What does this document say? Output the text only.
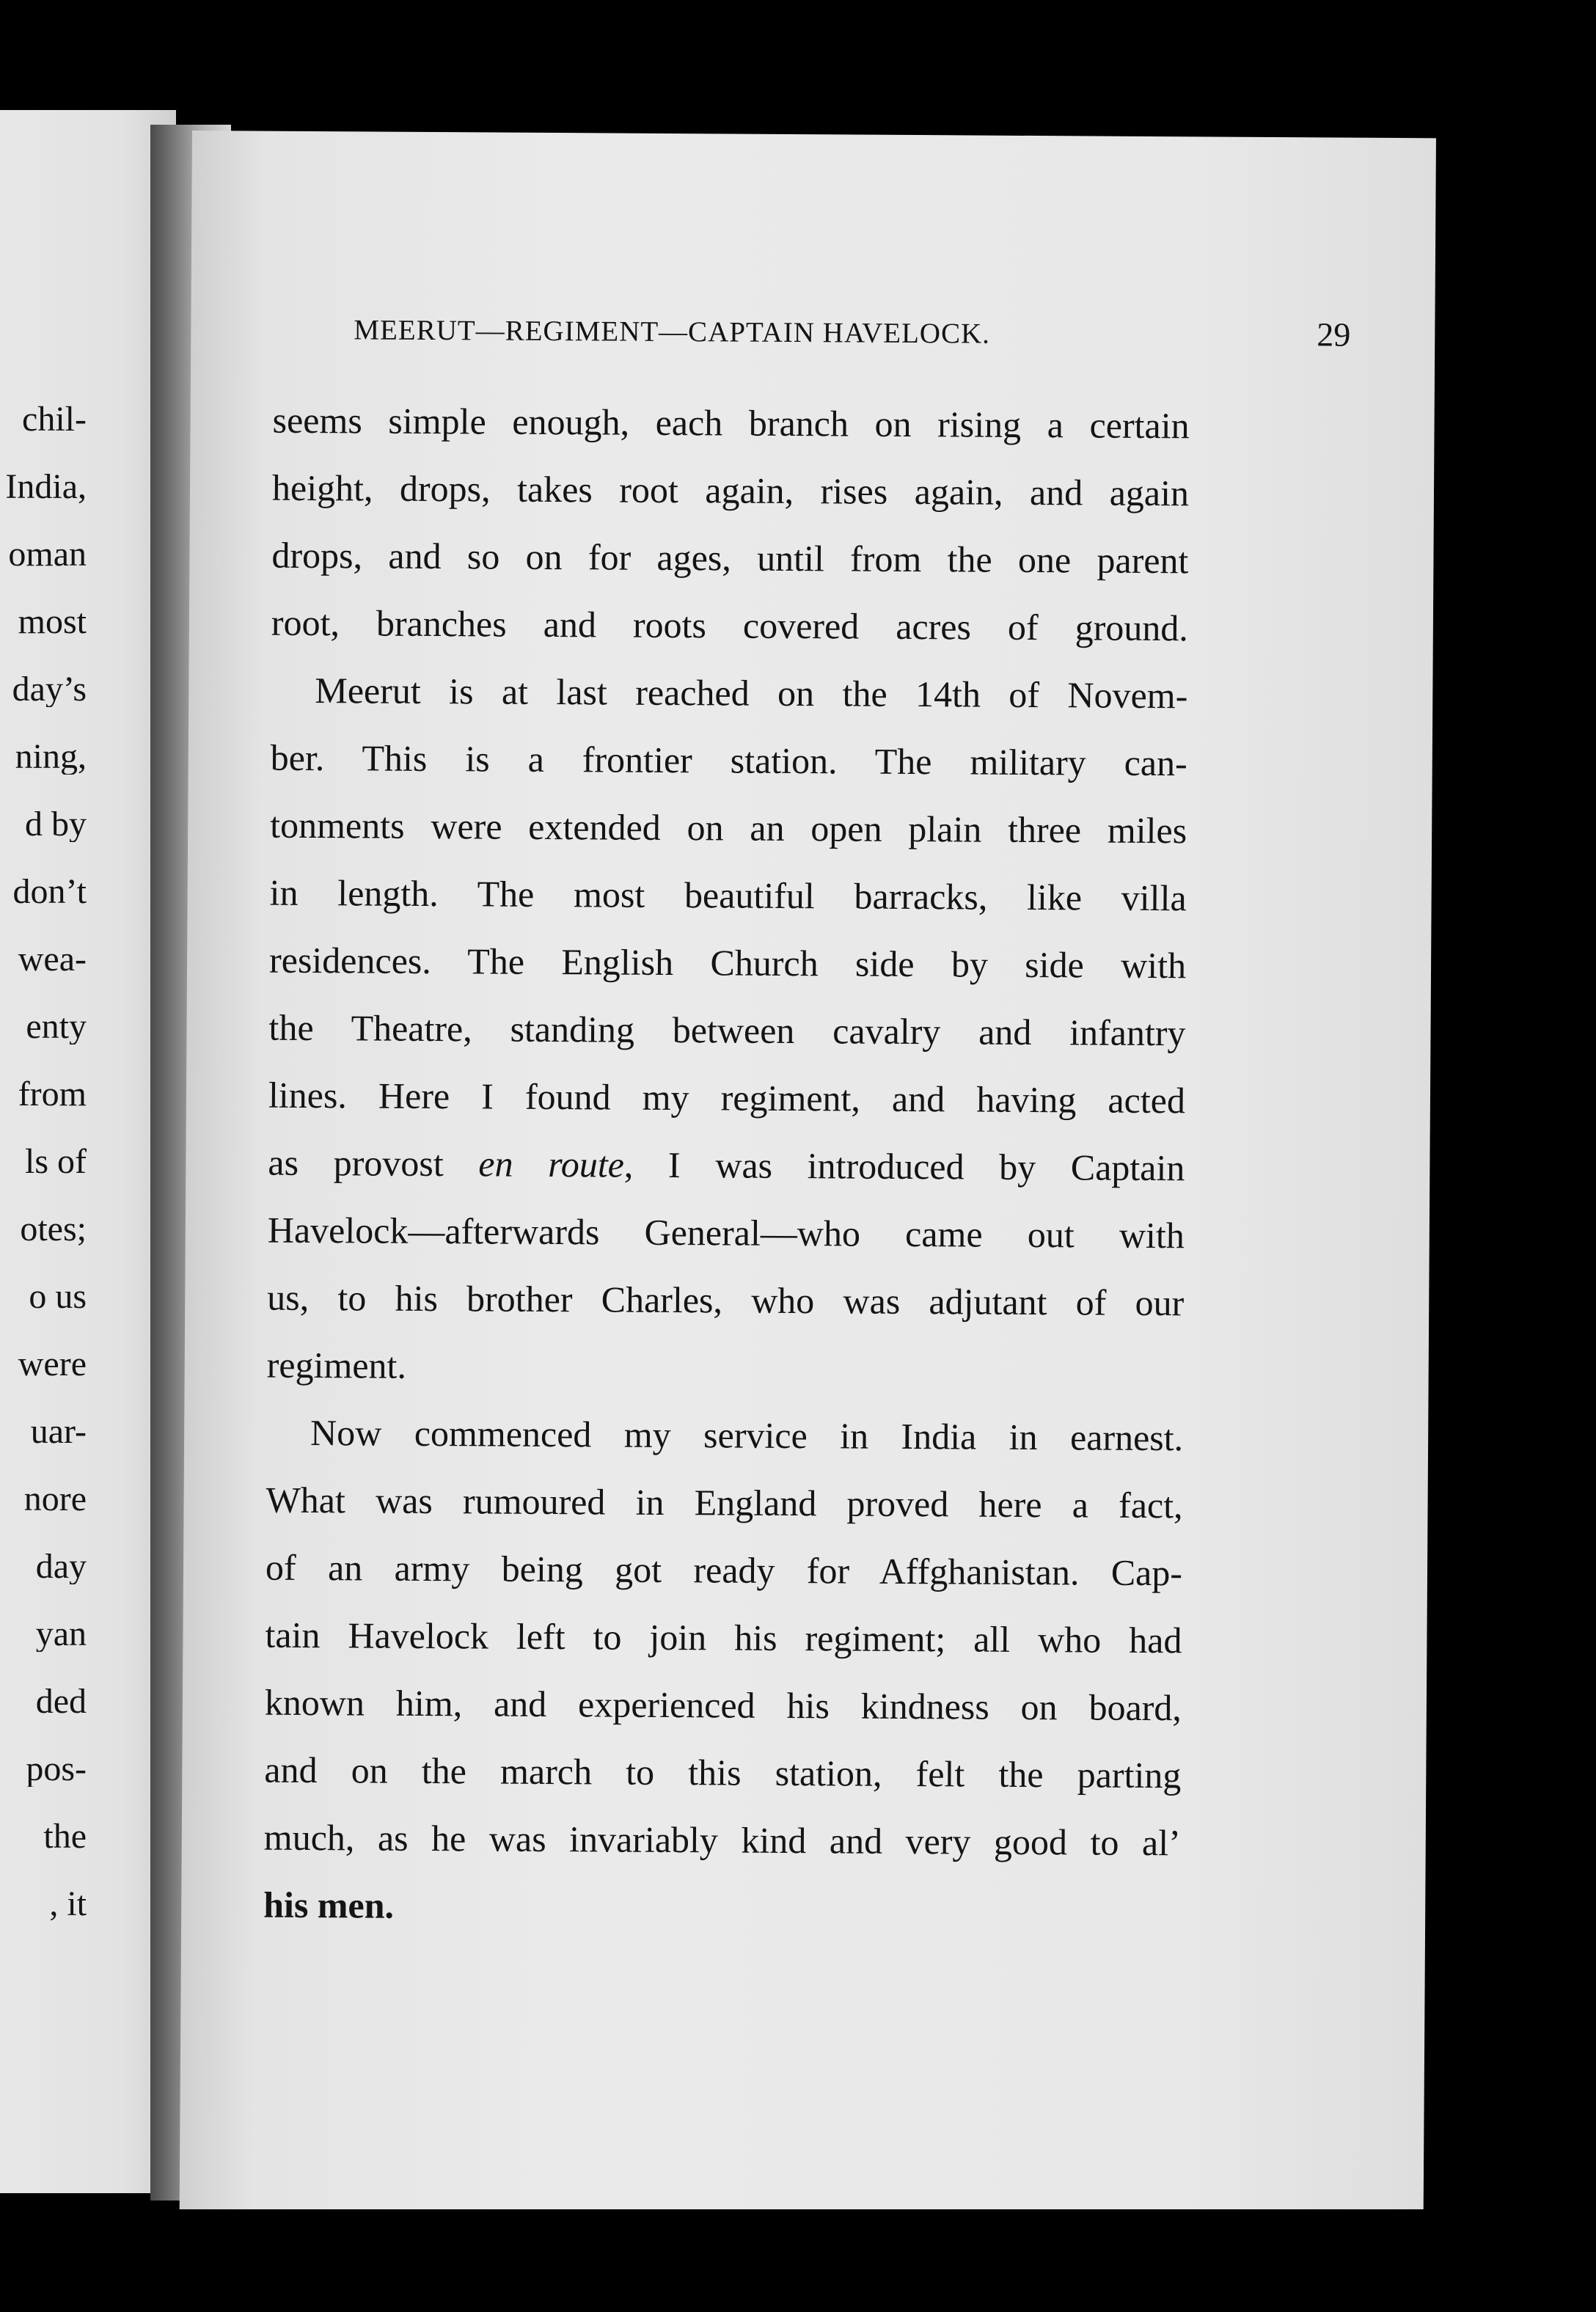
chil-
India,
oman
most
day’s
ning,
d by
don’t
wea-
enty
from
ls of
otes;
o us
were
uar-
nore
day
yan
ded
pos-
the
, it
MEERUT—REGIMENT—CAPTAIN HAVELOCK.	29
seems simple enough, each branch on rising a certain
height, drops, takes root again, rises again, and again
drops, and so on for ages, until from the one parent
root, branches and roots covered acres of ground.
Meerut is at last reached on the 14th of Novem-
ber. This is a frontier station. The military can-
tonments were extended on an open plain three miles
in length. The most beautiful barracks, like villa
residences. The English Church side by side with
the Theatre, standing between cavalry and infantry
lines. Here I found my regiment, and having acted
as provost en route, I was introduced by Captain
Havelock—afterwards General—who came out with
us, to his brother Charles, who was adjutant of our
regiment.
Now commenced my service in India in earnest.
What was rumoured in England proved here a fact,
of an army being got ready for Affghanistan. Cap-
tain Havelock left to join his regiment; all who had
known him, and experienced his kindness on board,
and on the march to this station, felt the parting
much, as he was invariably kind and very good to al’
his men.
